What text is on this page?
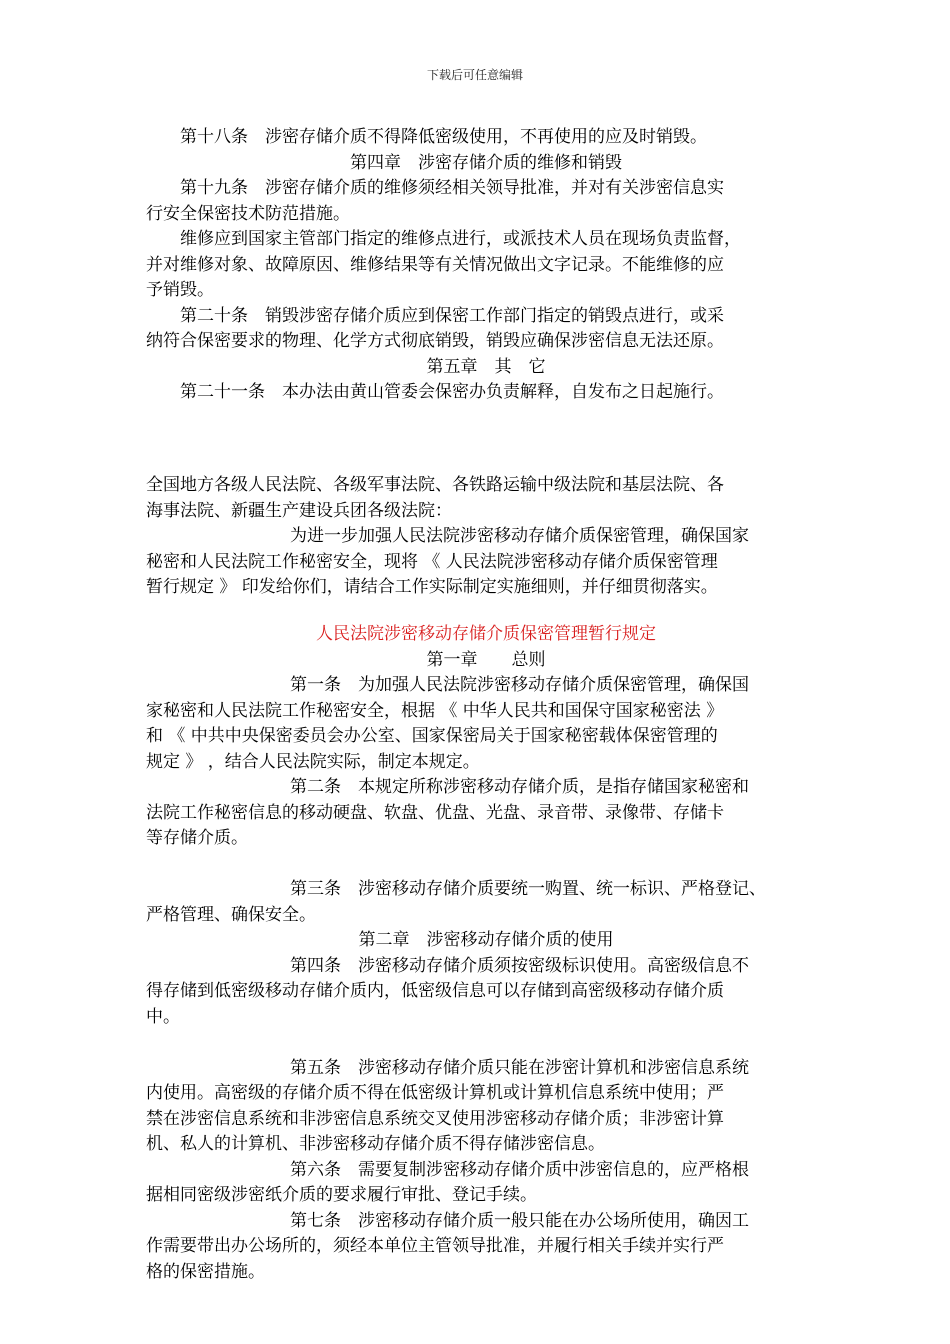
下载后可任意编辑
　　第十八条　涉密存储介质不得降低密级使用，不再使用的应及时销毁。
第四章　涉密存储介质的维修和销毁
　　第十九条　涉密存储介质的维修须经相关领导批准，并对有关涉密信息实
行安全保密技术防范措施。
　　维修应到国家主管部门指定的维修点进行，或派技术人员在现场负责监督，
并对维修对象、故障原因、维修结果等有关情况做出文字记录。不能维修的应
予销毁。
　　第二十条　销毁涉密存储介质应到保密工作部门指定的销毁点进行，或采
纳符合保密要求的物理、化学方式彻底销毁，销毁应确保涉密信息无法还原。
第五章　其　它
　　第二十一条　本办法由黄山管委会保密办负责解释，自发布之日起施行。
全国地方各级人民法院、各级军事法院、各铁路运输中级法院和基层法院、各
海事法院、新疆生产建设兵团各级法院：
为进一步加强人民法院涉密移动存储介质保密管理，确保国家
秘密和人民法院工作秘密安全，现将 《 人民法院涉密移动存储介质保密管理
暂行规定 》 印发给你们，请结合工作实际制定实施细则，并仔细贯彻落实。
人民法院涉密移动存储介质保密管理暂行规定
第一章　　总则
第一条　为加强人民法院涉密移动存储介质保密管理，确保国
家秘密和人民法院工作秘密安全，根据 《 中华人民共和国保守国家秘密法 》
和 《 中共中央保密委员会办公室、国家保密局关于国家秘密载体保密管理的
规定 》 ，结合人民法院实际，制定本规定。
第二条　本规定所称涉密移动存储介质，是指存储国家秘密和
法院工作秘密信息的移动硬盘、软盘、优盘、光盘、录音带、录像带、存储卡
等存储介质。
第三条　涉密移动存储介质要统一购置、统一标识、严格登记、
严格管理、确保安全。
第二章　涉密移动存储介质的使用
第四条　涉密移动存储介质须按密级标识使用。高密级信息不
得存储到低密级移动存储介质内，低密级信息可以存储到高密级移动存储介质
中。
第五条　涉密移动存储介质只能在涉密计算机和涉密信息系统
内使用。高密级的存储介质不得在低密级计算机或计算机信息系统中使用；严
禁在涉密信息系统和非涉密信息系统交叉使用涉密移动存储介质；非涉密计算
机、私人的计算机、非涉密移动存储介质不得存储涉密信息。
第六条　需要复制涉密移动存储介质中涉密信息的，应严格根
据相同密级涉密纸介质的要求履行审批、登记手续。
第七条　涉密移动存储介质一般只能在办公场所使用，确因工
作需要带出办公场所的，须经本单位主管领导批准，并履行相关手续并实行严
格的保密措施。
